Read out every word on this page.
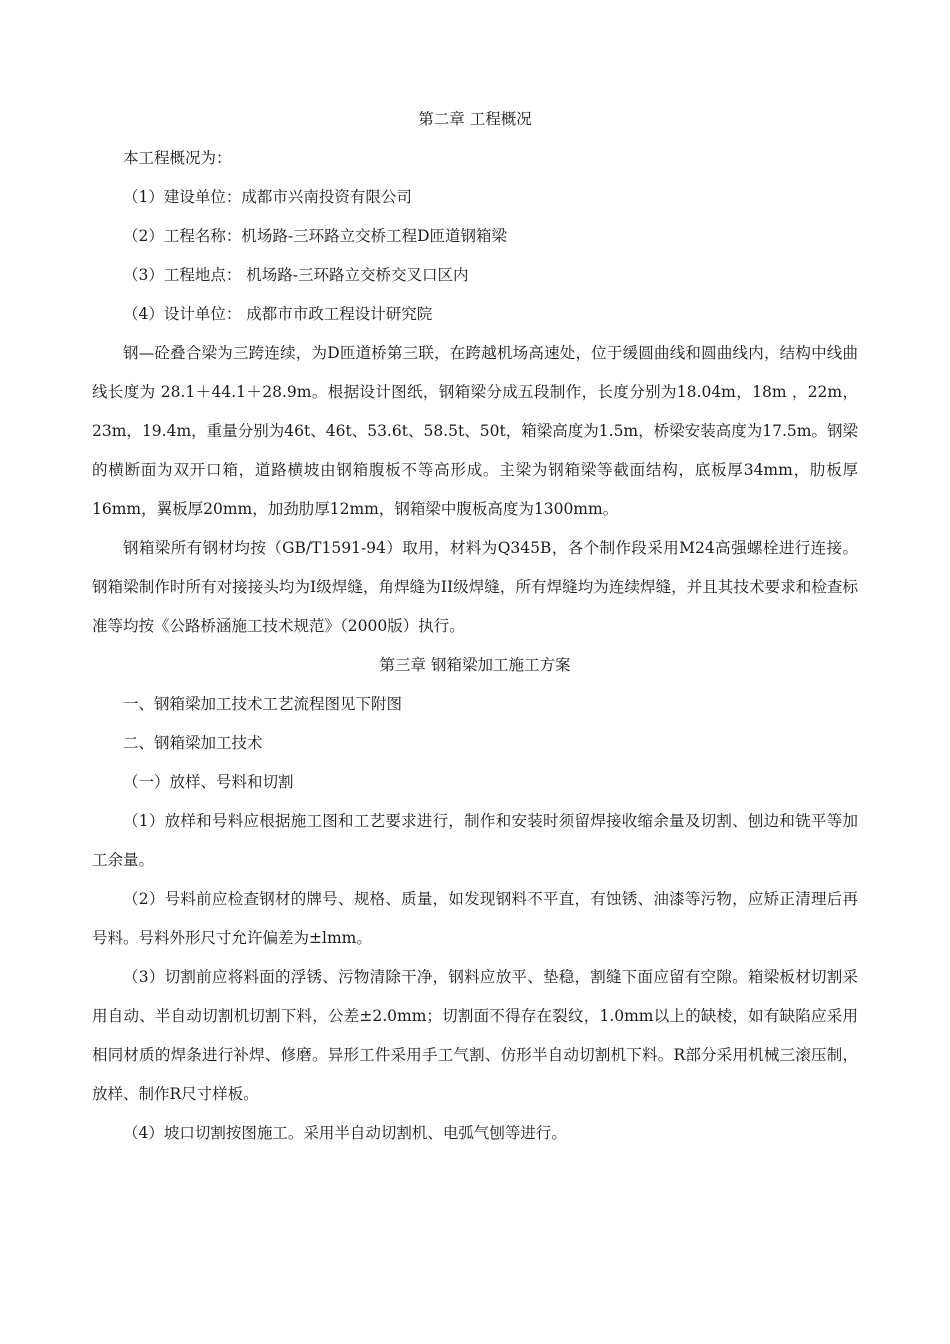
第二章 工程概况

本工程概况为：

（1）建设单位：成都市兴南投资有限公司

（2）工程名称：机场路-三环路立交桥工程D匝道钢箱梁

（3）工程地点： 机场路-三环路立交桥交叉口区内

（4）设计单位： 成都市市政工程设计研究院

钢—砼叠合梁为三跨连续，为D匝道桥第三联，在跨越机场高速处，位于缓圆曲线和圆曲线内，结构中线曲线长度为 28.1＋44.1＋28.9m。根据设计图纸，钢箱梁分成五段制作，长度分别为18.04m，18m ，22m，23m，19.4m，重量分别为46t、46t、53.6t、58.5t、50t，箱梁高度为1.5m，桥梁安装高度为17.5m。钢梁的横断面为双开口箱，道路横坡由钢箱腹板不等高形成。主梁为钢箱梁等截面结构，底板厚34mm，肋板厚16mm，翼板厚20mm，加劲肋厚12mm，钢箱梁中腹板高度为1300mm。

钢箱梁所有钢材均按（GB/T1591-94）取用，材料为Q345B，各个制作段采用M24高强螺栓进行连接。钢箱梁制作时所有对接接头均为I级焊缝，角焊缝为II级焊缝，所有焊缝均为连续焊缝，并且其技术要求和检查标准等均按《公路桥涵施工技术规范》（2000版）执行。

第三章 钢箱梁加工施工方案

一、钢箱梁加工技术工艺流程图见下附图

二、钢箱梁加工技术

（一）放样、号料和切割

（1）放样和号料应根据施工图和工艺要求进行，制作和安装时须留焊接收缩余量及切割、刨边和铣平等加工余量。

（2）号料前应检查钢材的牌号、规格、质量，如发现钢料不平直，有蚀锈、油漆等污物，应矫正清理后再号料。号料外形尺寸允许偏差为±lmm。

（3）切割前应将料面的浮锈、污物清除干净，钢料应放平、垫稳，割缝下面应留有空隙。箱梁板材切割采用自动、半自动切割机切割下料，公差±2.0mm；切割面不得存在裂纹，1.0mm以上的缺棱，如有缺陷应采用相同材质的焊条进行补焊、修磨。异形工件采用手工气割、仿形半自动切割机下料。R部分采用机械三滚压制，放样、制作R尺寸样板。

（4）坡口切割按图施工。采用半自动切割机、电弧气刨等进行。
